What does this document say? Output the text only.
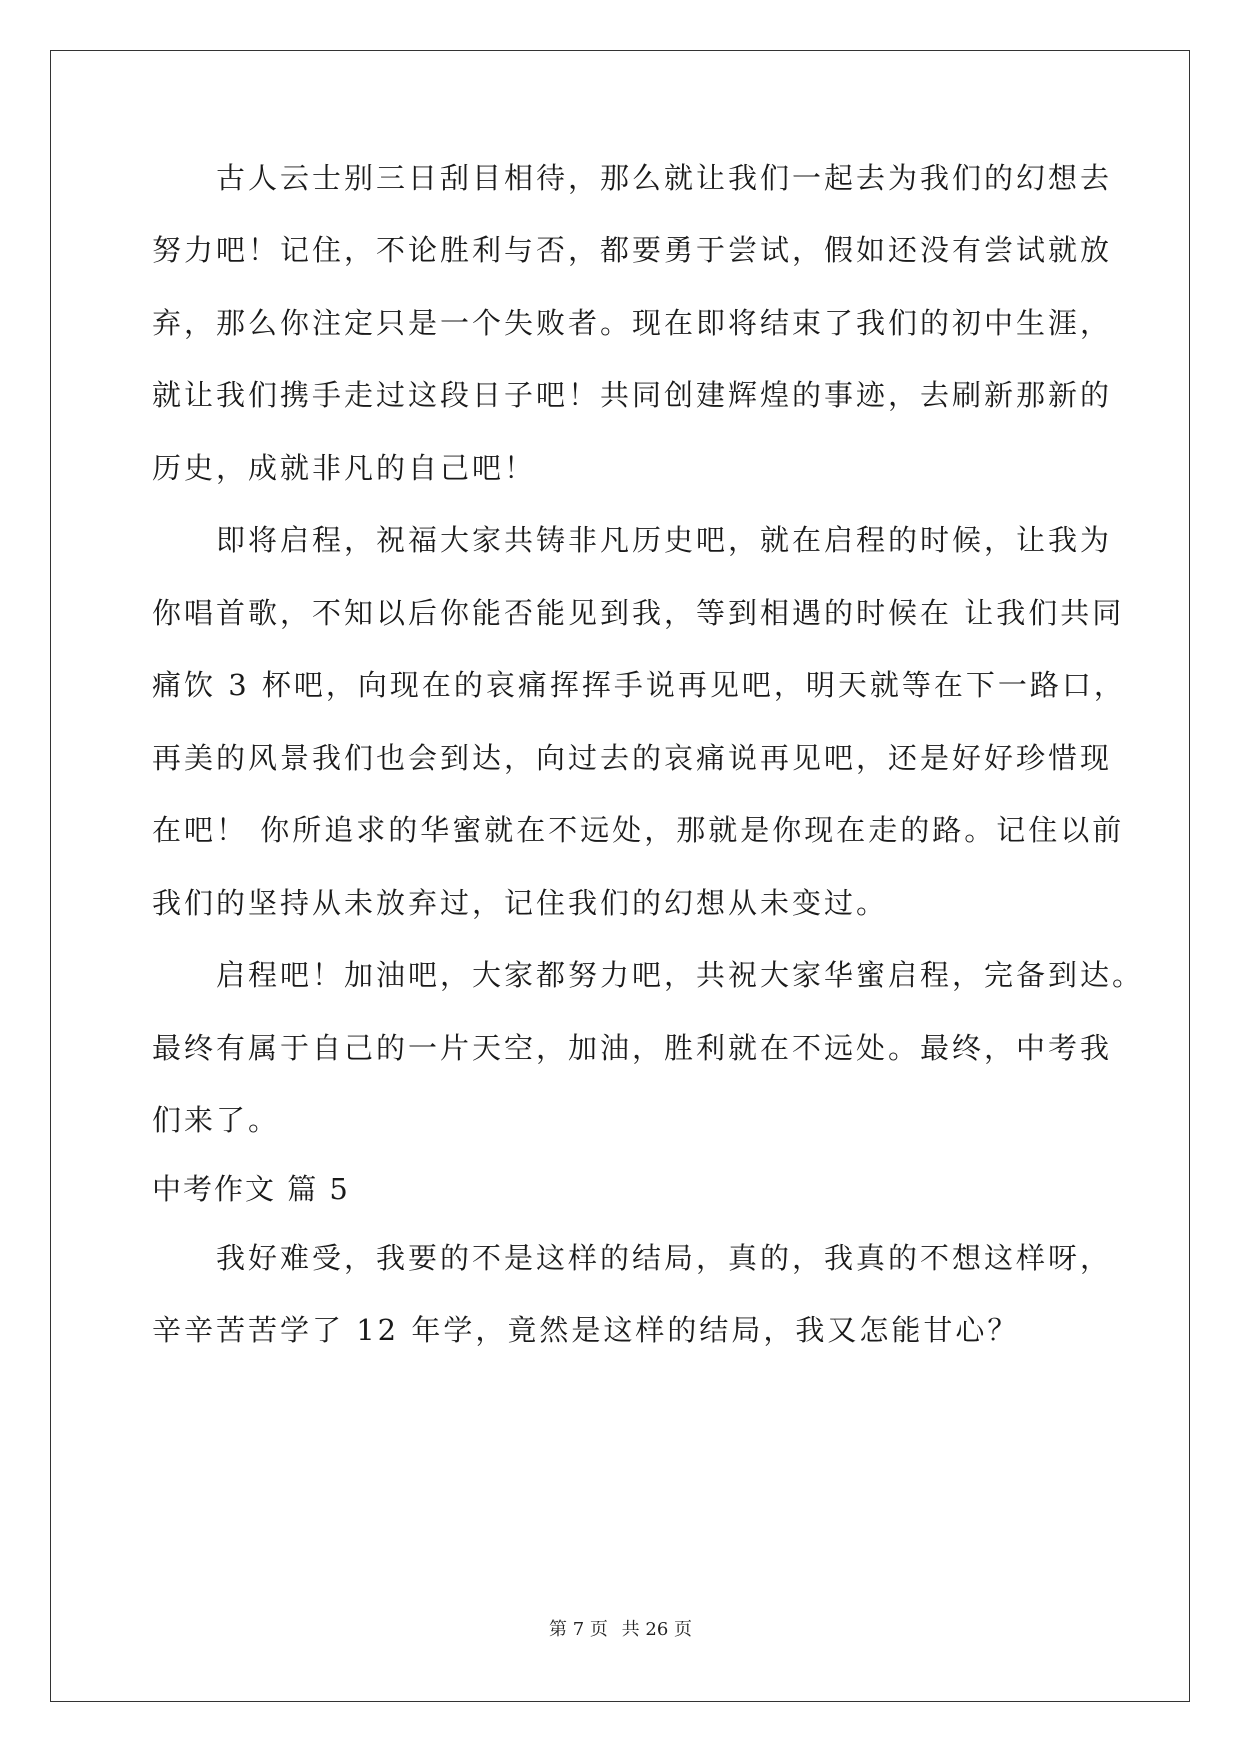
古人云士别三日刮目相待，那么就让我们一起去为我们的幻想去
努力吧！记住，不论胜利与否，都要勇于尝试，假如还没有尝试就放
弃，那么你注定只是一个失败者。现在即将结束了我们的初中生涯，
就让我们携手走过这段日子吧！共同创建辉煌的事迹，去刷新那新的
历史，成就非凡的自己吧！
即将启程，祝福大家共铸非凡历史吧，就在启程的时候，让我为
你唱首歌，不知以后你能否能见到我，等到相遇的时候在 让我们共同
痛饮 3 杯吧，向现在的哀痛挥挥手说再见吧，明天就等在下一路口，
再美的风景我们也会到达，向过去的哀痛说再见吧，还是好好珍惜现
在吧！ 你所追求的华蜜就在不远处，那就是你现在走的路。记住以前
我们的坚持从未放弃过，记住我们的幻想从未变过。
启程吧！加油吧，大家都努力吧，共祝大家华蜜启程，完备到达。
最终有属于自己的一片天空，加油，胜利就在不远处。最终，中考我
们来了。
中考作文 篇 5
我好难受，我要的不是这样的结局，真的，我真的不想这样呀，
辛辛苦苦学了 12 年学，竟然是这样的结局，我又怎能甘心？
第 7 页 共 26 页
